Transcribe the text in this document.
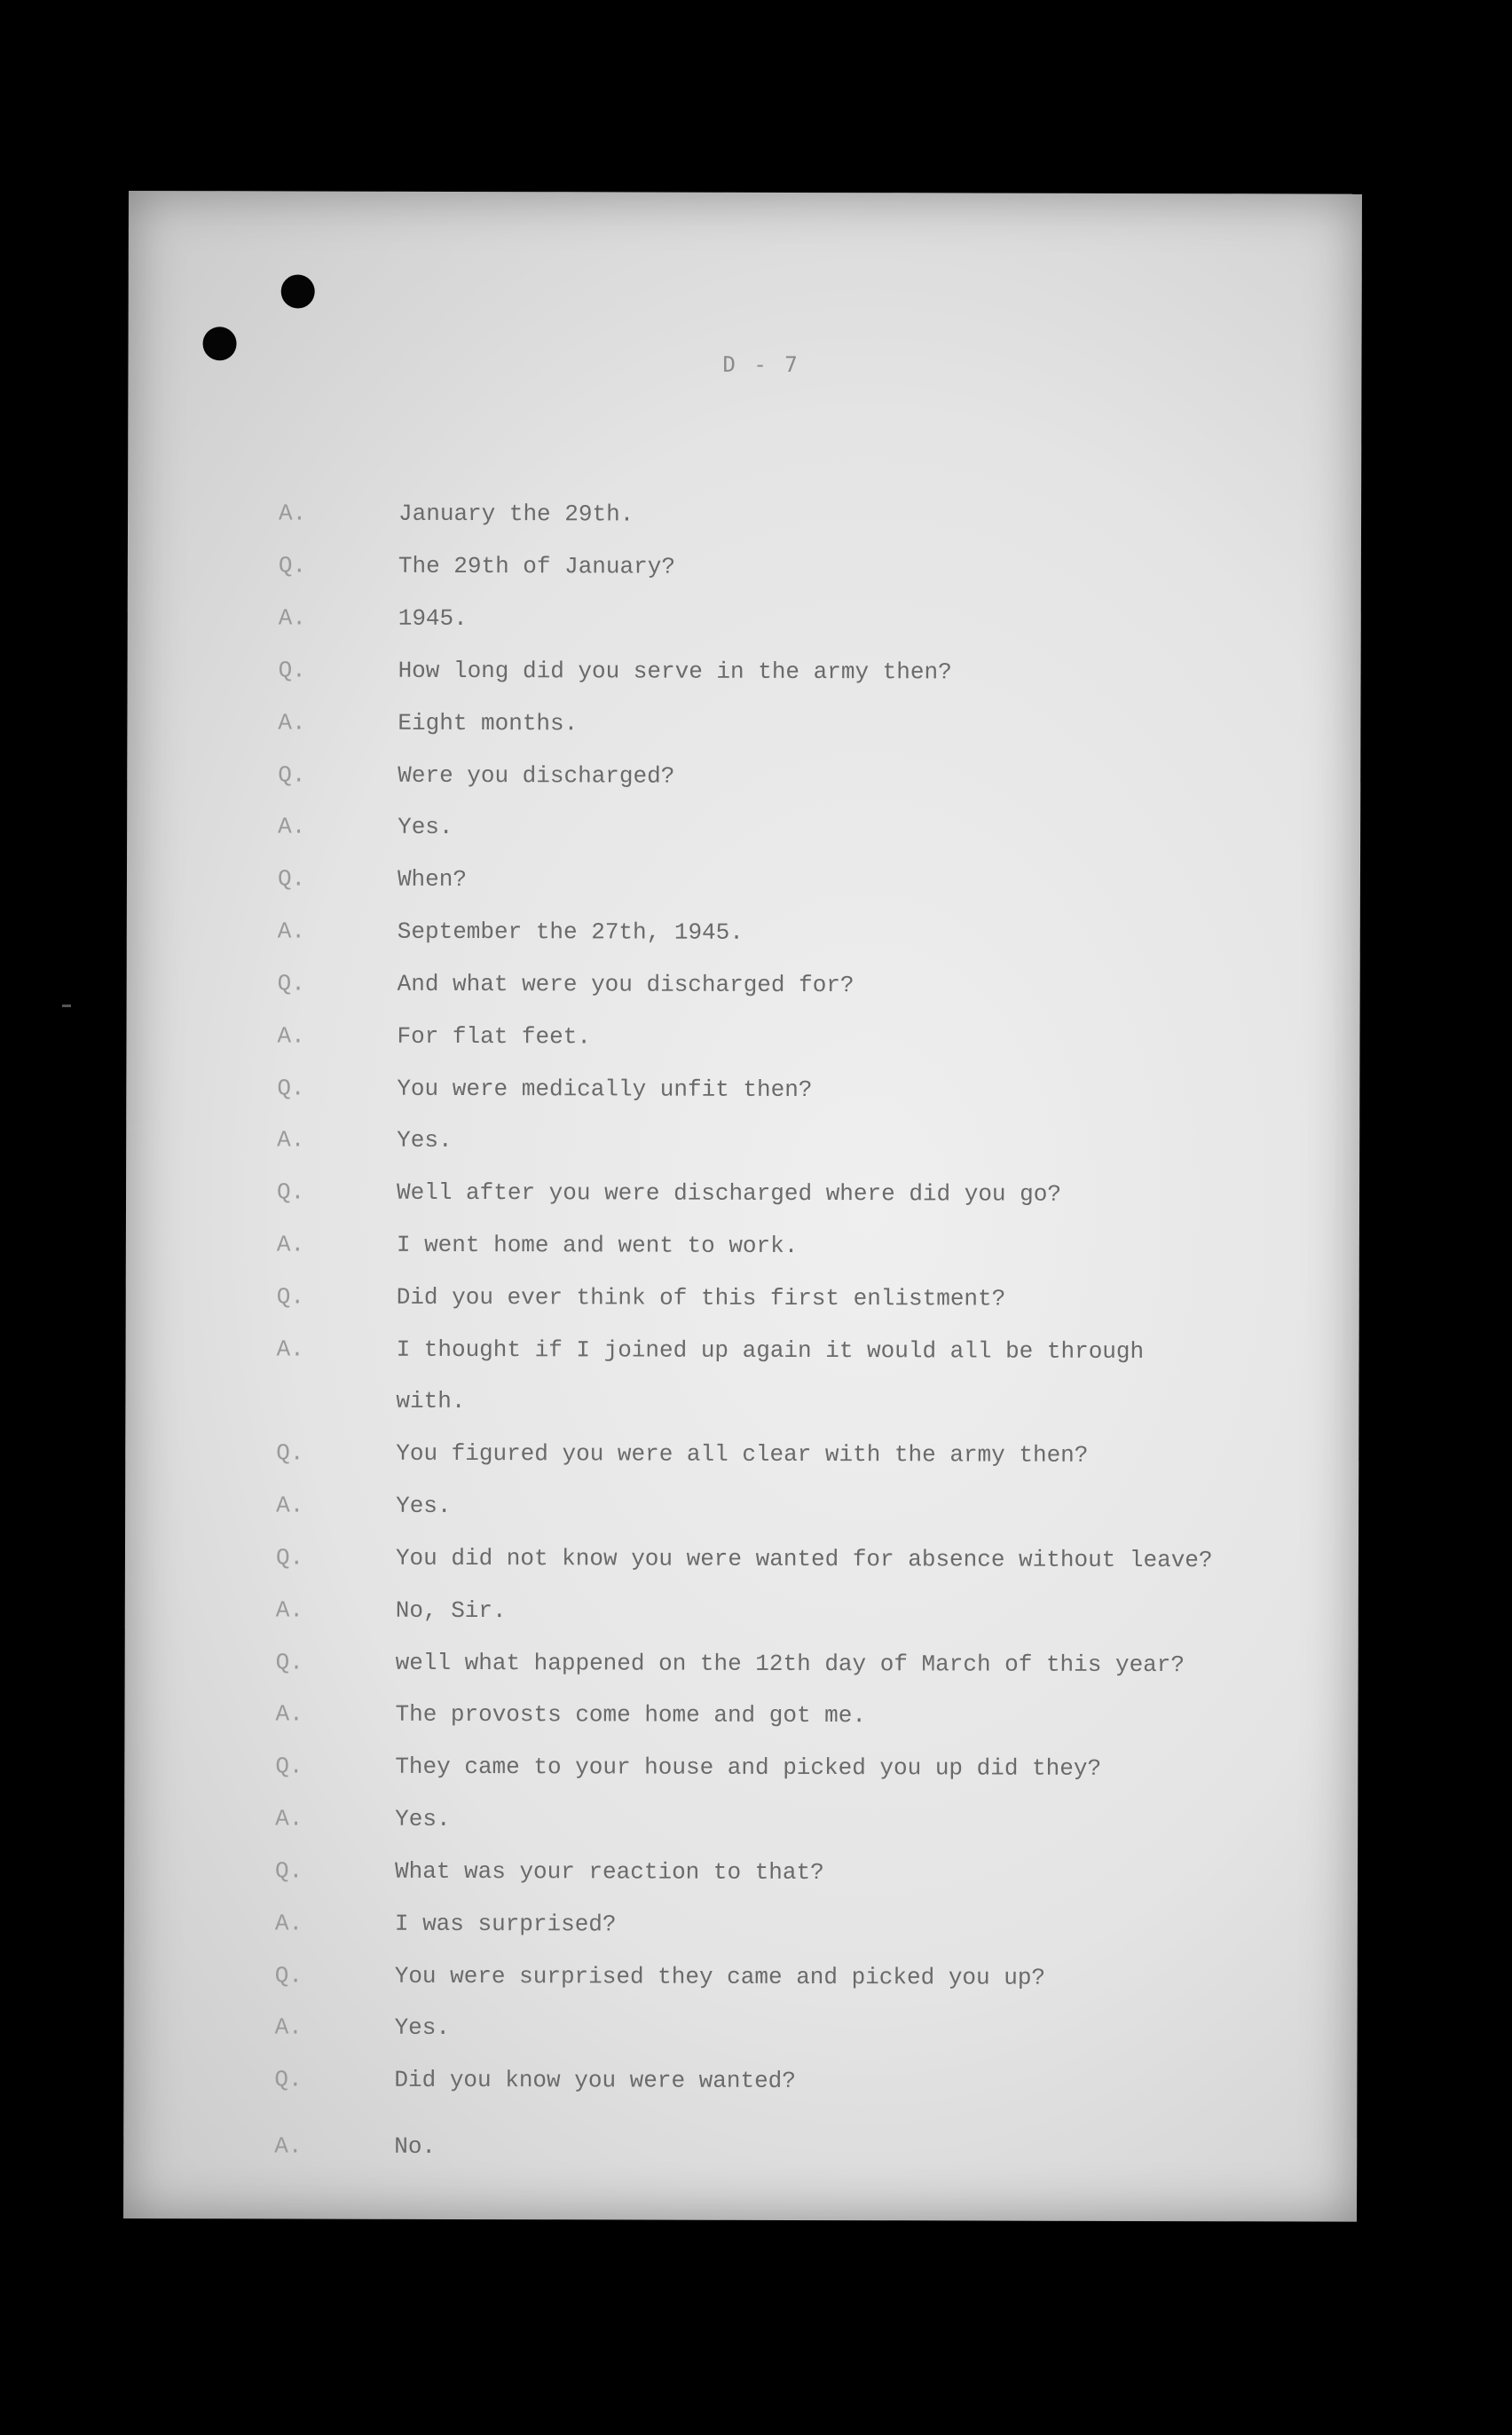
D - 7
A.	January the 29th.
Q.	The 29th of January?
A.	1945.
Q.	How long did you serve in the army then?
A.	Eight months.
Q.	Were you discharged?
A.	Yes.
Q.	When?
A.	September the 27th, 1945.
Q.	And what were you discharged for?
A.	For flat feet.
Q.	You were medically unfit then?
A.	Yes.
Q.	Well after you were discharged where did you go?
A.	I went home and went to work.
Q.	Did you ever think of this first enlistment?
A.	I thought if I joined up again it would all be through
with.
Q.	You figured you were all clear with the army then?
A.	Yes.
Q.	You did not know you were wanted for absence without leave?
A.	No, Sir.
Q.	well what happened on the 12th day of March of this year?
A.	The provosts come home and got me.
Q.	They came to your house and picked you up did they?
A.	Yes.
Q.	What was your reaction to that?
A.	I was surprised?
Q.	You were surprised they came and picked you up?
A.	Yes.
Q.	Did you know you were wanted?
A.	No.
